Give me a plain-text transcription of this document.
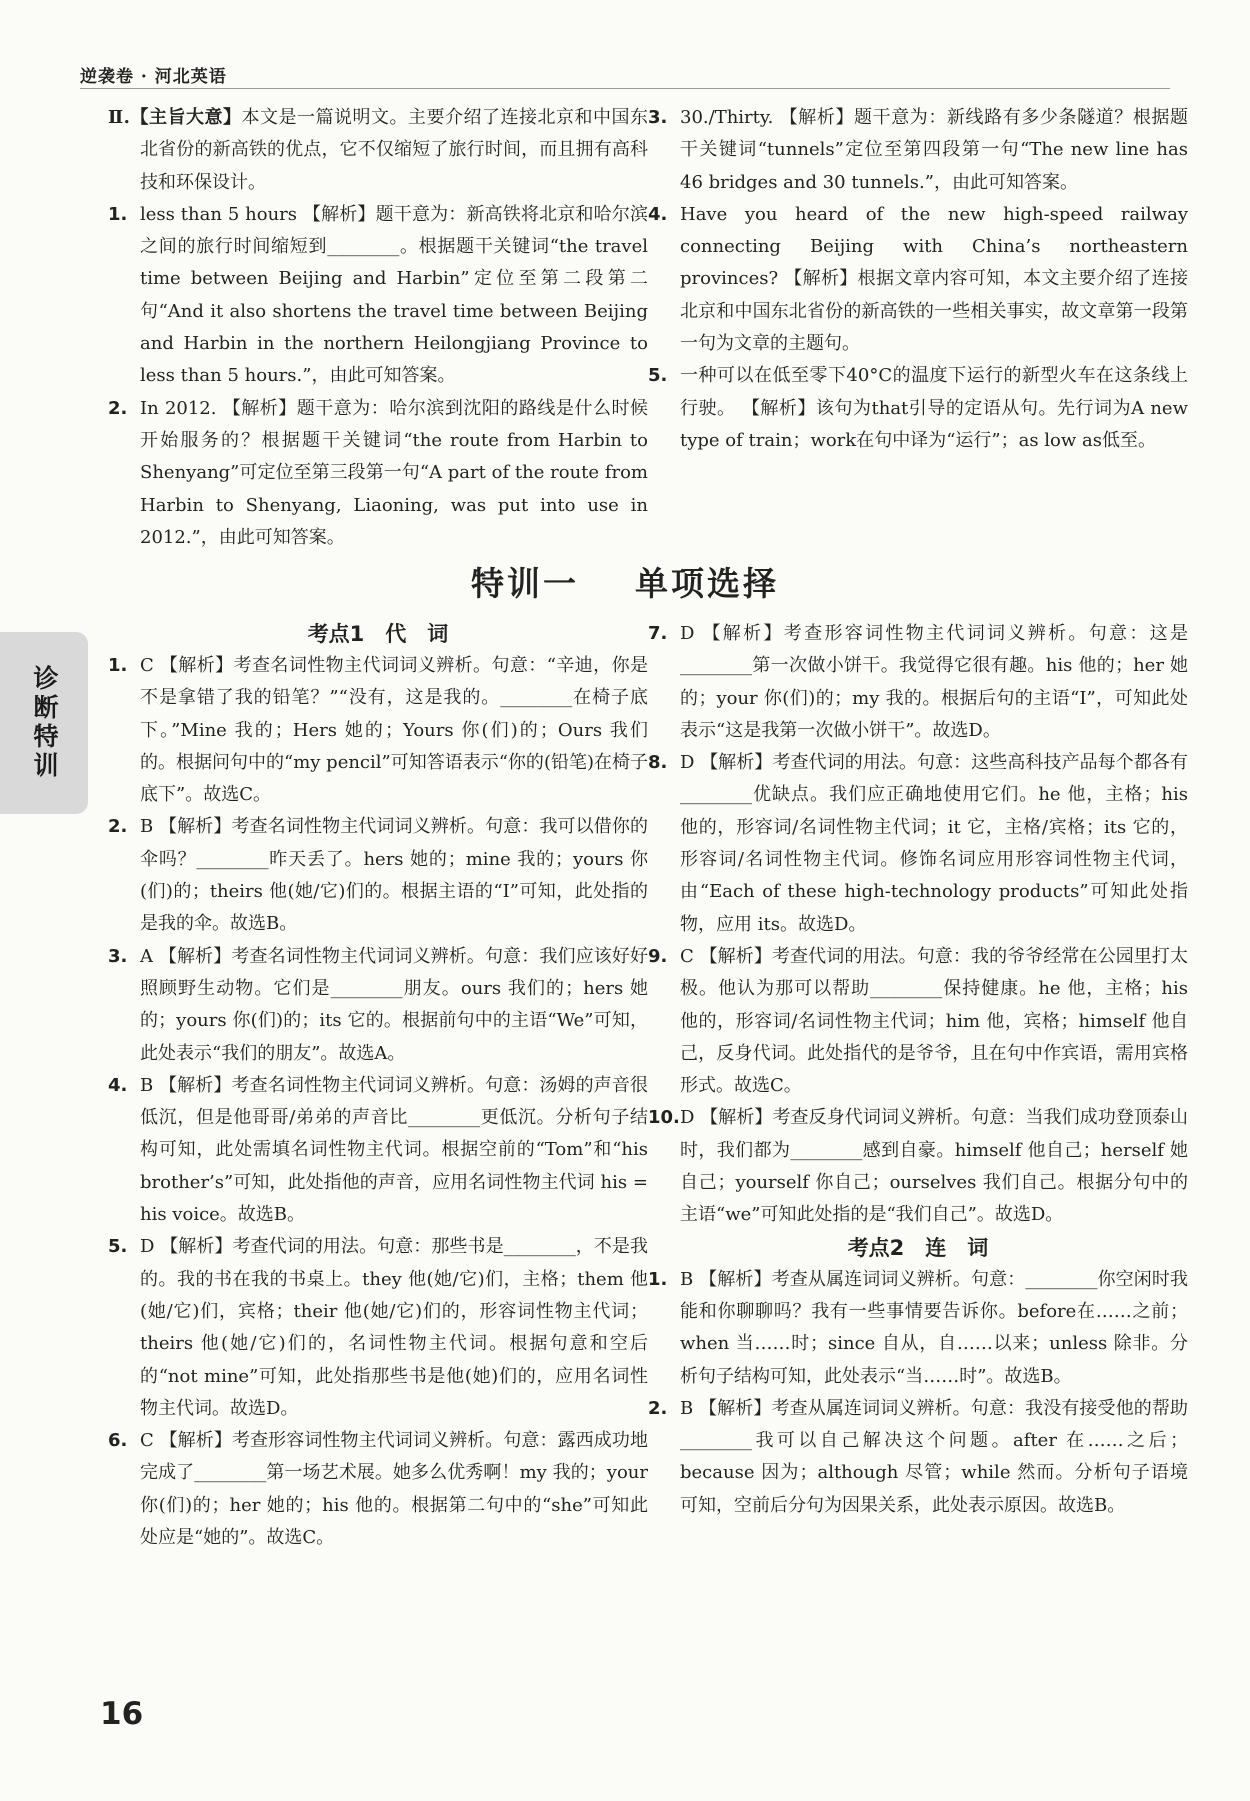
逆袭卷 · 河北英语

Ⅱ.【主旨大意】本文是一篇说明文。主要介绍了连接北京和中国东北省份的新高铁的优点，它不仅缩短了旅行时间，而且拥有高科技和环保设计。

1. less than 5 hours 【解析】题干意为：新高铁将北京和哈尔滨之间的旅行时间缩短到________。根据题干关键词“the travel time between Beijing and Harbin”定位至第二段第二句“And it also shortens the travel time between Beijing and Harbin in the northern Heilongjiang Province to less than 5 hours.”，由此可知答案。

2. In 2012. 【解析】题干意为：哈尔滨到沈阳的路线是什么时候开始服务的？根据题干关键词“the route from Harbin to Shenyang”可定位至第三段第一句“A part of the route from Harbin to Shenyang, Liaoning, was put into use in 2012.”，由此可知答案。

3. 30./Thirty. 【解析】题干意为：新线路有多少条隧道？根据题干关键词“tunnels”定位至第四段第一句“The new line has 46 bridges and 30 tunnels.”，由此可知答案。

4. Have you heard of the new high-speed railway connecting Beijing with China’s northeastern provinces? 【解析】根据文章内容可知，本文主要介绍了连接北京和中国东北省份的新高铁的一些相关事实，故文章第一段第一句为文章的主题句。

5. 一种可以在低至零下40°C的温度下运行的新型火车在这条线上行驶。 【解析】该句为that引导的定语从句。先行词为A new type of train；work在句中译为“运行”；as low as低至。

特训一 单项选择
诊断特训

考点1　代　词

1. C 【解析】考查名词性物主代词词义辨析。句意：“辛迪，你是不是拿错了我的铅笔？”“没有，这是我的。________在椅子底下。”Mine 我的；Hers 她的；Yours 你(们)的；Ours 我们的。根据问句中的“my pencil”可知答语表示“你的(铅笔)在椅子底下”。故选C。

2. B 【解析】考查名词性物主代词词义辨析。句意：我可以借你的伞吗？________昨天丢了。hers 她的；mine 我的；yours 你(们)的；theirs 他(她/它)们的。根据主语的“I”可知，此处指的是我的伞。故选B。

3. A 【解析】考查名词性物主代词词义辨析。句意：我们应该好好照顾野生动物。它们是________朋友。ours 我们的；hers 她的；yours 你(们)的；its 它的。根据前句中的主语“We”可知，此处表示“我们的朋友”。故选A。

4. B 【解析】考查名词性物主代词词义辨析。句意：汤姆的声音很低沉，但是他哥哥/弟弟的声音比________更低沉。分析句子结构可知，此处需填名词性物主代词。根据空前的“Tom”和“his brother’s”可知，此处指他的声音，应用名词性物主代词 his = his voice。故选B。

5. D 【解析】考查代词的用法。句意：那些书是________，不是我的。我的书在我的书桌上。they 他(她/它)们，主格；them 他(她/它)们，宾格；their 他(她/它)们的，形容词性物主代词；theirs 他(她/它)们的，名词性物主代词。根据句意和空后的“not mine”可知，此处指那些书是他(她)们的，应用名词性物主代词。故选D。

6. C 【解析】考查形容词性物主代词词义辨析。句意：露西成功地完成了________第一场艺术展。她多么优秀啊！my 我的；your 你(们)的；her 她的；his 他的。根据第二句中的“she”可知此处应是“她的”。故选C。

7. D 【解析】考查形容词性物主代词词义辨析。句意：这是________第一次做小饼干。我觉得它很有趣。his 他的；her 她的；your 你(们)的；my 我的。根据后句的主语“I”，可知此处表示“这是我第一次做小饼干”。故选D。

8. D 【解析】考查代词的用法。句意：这些高科技产品每个都各有________优缺点。我们应正确地使用它们。he 他，主格；his 他的，形容词/名词性物主代词；it 它，主格/宾格；its 它的，形容词/名词性物主代词。修饰名词应用形容词性物主代词，由“Each of these high-technology products”可知此处指物，应用 its。故选D。

9. C 【解析】考查代词的用法。句意：我的爷爷经常在公园里打太极。他认为那可以帮助________保持健康。he 他，主格；his 他的，形容词/名词性物主代词；him 他，宾格；himself 他自己，反身代词。此处指代的是爷爷，且在句中作宾语，需用宾格形式。故选C。

10. D 【解析】考查反身代词词义辨析。句意：当我们成功登顶泰山时，我们都为________感到自豪。himself 他自己；herself 她自己；yourself 你自己；ourselves 我们自己。根据分句中的主语“we”可知此处指的是“我们自己”。故选D。

考点2　连　词

1. B 【解析】考查从属连词词义辨析。句意：________你空闲时我能和你聊聊吗？我有一些事情要告诉你。before在……之前；when 当……时；since 自从，自……以来；unless 除非。分析句子结构可知，此处表示“当……时”。故选B。

2. B 【解析】考查从属连词词义辨析。句意：我没有接受他的帮助________我可以自己解决这个问题。after 在……之后；because 因为；although 尽管；while 然而。分析句子语境可知，空前后分句为因果关系，此处表示原因。故选B。

16
